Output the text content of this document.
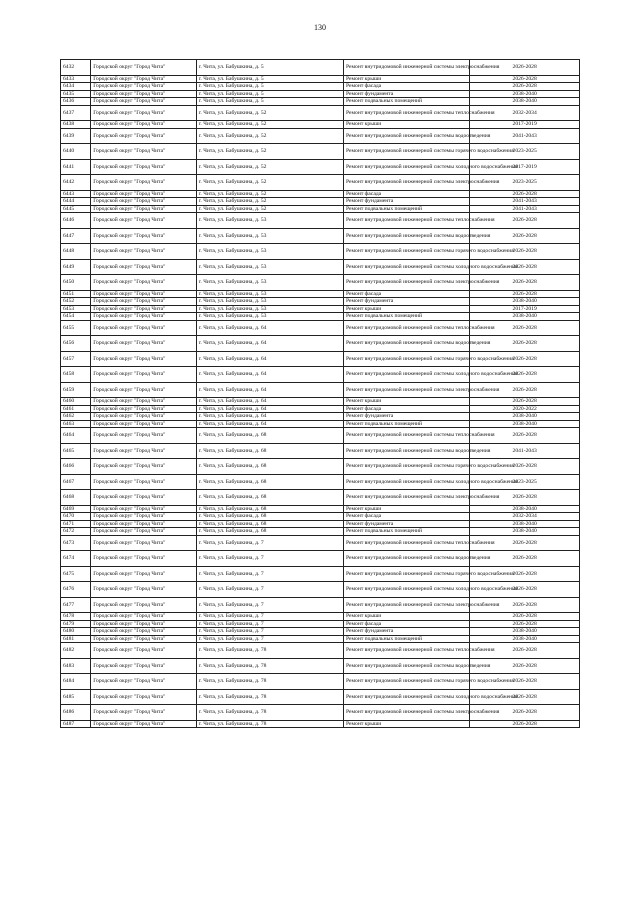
130
6432	Городской округ "Город Чита"	г. Чита, ул. Бабушкина, д. 5	Ремонт внутридомовой инженерной системы электроснабжения	2026-2028
6433	Городской округ "Город Чита"	г. Чита, ул. Бабушкина, д. 5	Ремонт крыши	2026-2028
6434	Городской округ "Город Чита"	г. Чита, ул. Бабушкина, д. 5	Ремонт фасада	2026-2028
6435	Городской округ "Город Чита"	г. Чита, ул. Бабушкина, д. 5	Ремонт фундамента	2038-2040
6436	Городской округ "Город Чита"	г. Чита, ул. Бабушкина, д. 5	Ремонт подвальных помещений	2038-2040
6437	Городской округ "Город Чита"	г. Чита, ул. Бабушкина, д. 52	Ремонт внутридомовой инженерной системы теплоснабжения	2032-2034
6438	Городской округ "Город Чита"	г. Чита, ул. Бабушкина, д. 52	Ремонт крыши	2017-2019
6439	Городской округ "Город Чита"	г. Чита, ул. Бабушкина, д. 52	Ремонт внутридомовой инженерной системы водоотведения	2041-2043
6440	Городской округ "Город Чита"	г. Чита, ул. Бабушкина, д. 52	Ремонт внутридомовой инженерной системы горячего водоснабжения	2023-2025
6441	Городской округ "Город Чита"	г. Чита, ул. Бабушкина, д. 52	Ремонт внутридомовой инженерной системы холодного водоснабжения	2017-2019
6442	Городской округ "Город Чита"	г. Чита, ул. Бабушкина, д. 52	Ремонт внутридомовой инженерной системы электроснабжения	2023-2025
6443	Городской округ "Город Чита"	г. Чита, ул. Бабушкина, д. 52	Ремонт фасада	2026-2028
6444	Городской округ "Город Чита"	г. Чита, ул. Бабушкина, д. 52	Ремонт фундамента	2041-2043
6445	Городской округ "Город Чита"	г. Чита, ул. Бабушкина, д. 52	Ремонт подвальных помещений	2041-2043
6446	Городской округ "Город Чита"	г. Чита, ул. Бабушкина, д. 53	Ремонт внутридомовой инженерной системы теплоснабжения	2026-2028
6447	Городской округ "Город Чита"	г. Чита, ул. Бабушкина, д. 53	Ремонт внутридомовой инженерной системы водоотведения	2026-2028
6448	Городской округ "Город Чита"	г. Чита, ул. Бабушкина, д. 53	Ремонт внутридомовой инженерной системы горячего водоснабжения	2026-2028
6449	Городской округ "Город Чита"	г. Чита, ул. Бабушкина, д. 53	Ремонт внутридомовой инженерной системы холодного водоснабжения	2026-2028
6450	Городской округ "Город Чита"	г. Чита, ул. Бабушкина, д. 53	Ремонт внутридомовой инженерной системы электроснабжения	2026-2028
6451	Городской округ "Город Чита"	г. Чита, ул. Бабушкина, д. 53	Ремонт фасада	2026-2028
6452	Городской округ "Город Чита"	г. Чита, ул. Бабушкина, д. 53	Ремонт фундамента	2038-2040
6453	Городской округ "Город Чита"	г. Чита, ул. Бабушкина, д. 53	Ремонт крыши	2017-2019
6454	Городской округ "Город Чита"	г. Чита, ул. Бабушкина, д. 53	Ремонт подвальных помещений	2038-2040
6455	Городской округ "Город Чита"	г. Чита, ул. Бабушкина, д. 64	Ремонт внутридомовой инженерной системы теплоснабжения	2026-2028
6456	Городской округ "Город Чита"	г. Чита, ул. Бабушкина, д. 64	Ремонт внутридомовой инженерной системы водоотведения	2026-2028
6457	Городской округ "Город Чита"	г. Чита, ул. Бабушкина, д. 64	Ремонт внутридомовой инженерной системы горячего водоснабжения	2026-2028
6458	Городской округ "Город Чита"	г. Чита, ул. Бабушкина, д. 64	Ремонт внутридомовой инженерной системы холодного водоснабжения	2026-2028
6459	Городской округ "Город Чита"	г. Чита, ул. Бабушкина, д. 64	Ремонт внутридомовой инженерной системы электроснабжения	2026-2028
6460	Городской округ "Город Чита"	г. Чита, ул. Бабушкина, д. 64	Ремонт крыши	2026-2028
6461	Городской округ "Город Чита"	г. Чита, ул. Бабушкина, д. 64	Ремонт фасада	2020-2022
6462	Городской округ "Город Чита"	г. Чита, ул. Бабушкина, д. 64	Ремонт фундамента	2038-2040
6463	Городской округ "Город Чита"	г. Чита, ул. Бабушкина, д. 64	Ремонт подвальных помещений	2038-2040
6464	Городской округ "Город Чита"	г. Чита, ул. Бабушкина, д. 68	Ремонт внутридомовой инженерной системы теплоснабжения	2026-2028
6465	Городской округ "Город Чита"	г. Чита, ул. Бабушкина, д. 68	Ремонт внутридомовой инженерной системы водоотведения	2041-2043
6466	Городской округ "Город Чита"	г. Чита, ул. Бабушкина, д. 68	Ремонт внутридомовой инженерной системы горячего водоснабжения	2026-2028
6467	Городской округ "Город Чита"	г. Чита, ул. Бабушкина, д. 68	Ремонт внутридомовой инженерной системы холодного водоснабжения	2023-2025
6468	Городской округ "Город Чита"	г. Чита, ул. Бабушкина, д. 68	Ремонт внутридомовой инженерной системы электроснабжения	2026-2028
6469	Городской округ "Город Чита"	г. Чита, ул. Бабушкина, д. 68	Ремонт крыши	2038-2040
6470	Городской округ "Город Чита"	г. Чита, ул. Бабушкина, д. 68	Ремонт фасада	2032-2034
6471	Городской округ "Город Чита"	г. Чита, ул. Бабушкина, д. 68	Ремонт фундамента	2038-2040
6472	Городской округ "Город Чита"	г. Чита, ул. Бабушкина, д. 68	Ремонт подвальных помещений	2038-2040
6473	Городской округ "Город Чита"	г. Чита, ул. Бабушкина, д. 7	Ремонт внутридомовой инженерной системы теплоснабжения	2026-2028
6474	Городской округ "Город Чита"	г. Чита, ул. Бабушкина, д. 7	Ремонт внутридомовой инженерной системы водоотведения	2026-2028
6475	Городской округ "Город Чита"	г. Чита, ул. Бабушкина, д. 7	Ремонт внутридомовой инженерной системы горячего водоснабжения	2026-2028
6476	Городской округ "Город Чита"	г. Чита, ул. Бабушкина, д. 7	Ремонт внутридомовой инженерной системы холодного водоснабжения	2026-2028
6477	Городской округ "Город Чита"	г. Чита, ул. Бабушкина, д. 7	Ремонт внутридомовой инженерной системы электроснабжения	2026-2028
6478	Городской округ "Город Чита"	г. Чита, ул. Бабушкина, д. 7	Ремонт крыши	2026-2028
6479	Городской округ "Город Чита"	г. Чита, ул. Бабушкина, д. 7	Ремонт фасада	2026-2028
6480	Городской округ "Город Чита"	г. Чита, ул. Бабушкина, д. 7	Ремонт фундамента	2038-2040
6481	Городской округ "Город Чита"	г. Чита, ул. Бабушкина, д. 7	Ремонт подвальных помещений	2038-2040
6482	Городской округ "Город Чита"	г. Чита, ул. Бабушкина, д. 78	Ремонт внутридомовой инженерной системы теплоснабжения	2026-2028
6483	Городской округ "Город Чита"	г. Чита, ул. Бабушкина, д. 78	Ремонт внутридомовой инженерной системы водоотведения	2026-2028
6484	Городской округ "Город Чита"	г. Чита, ул. Бабушкина, д. 78	Ремонт внутридомовой инженерной системы горячего водоснабжения	2026-2028
6485	Городской округ "Город Чита"	г. Чита, ул. Бабушкина, д. 78	Ремонт внутридомовой инженерной системы холодного водоснабжения	2026-2028
6486	Городской округ "Город Чита"	г. Чита, ул. Бабушкина, д. 78	Ремонт внутридомовой инженерной системы электроснабжения	2026-2028
6487	Городской округ "Город Чита"	г. Чита, ул. Бабушкина, д. 78	Ремонт крыши	2026-2028
